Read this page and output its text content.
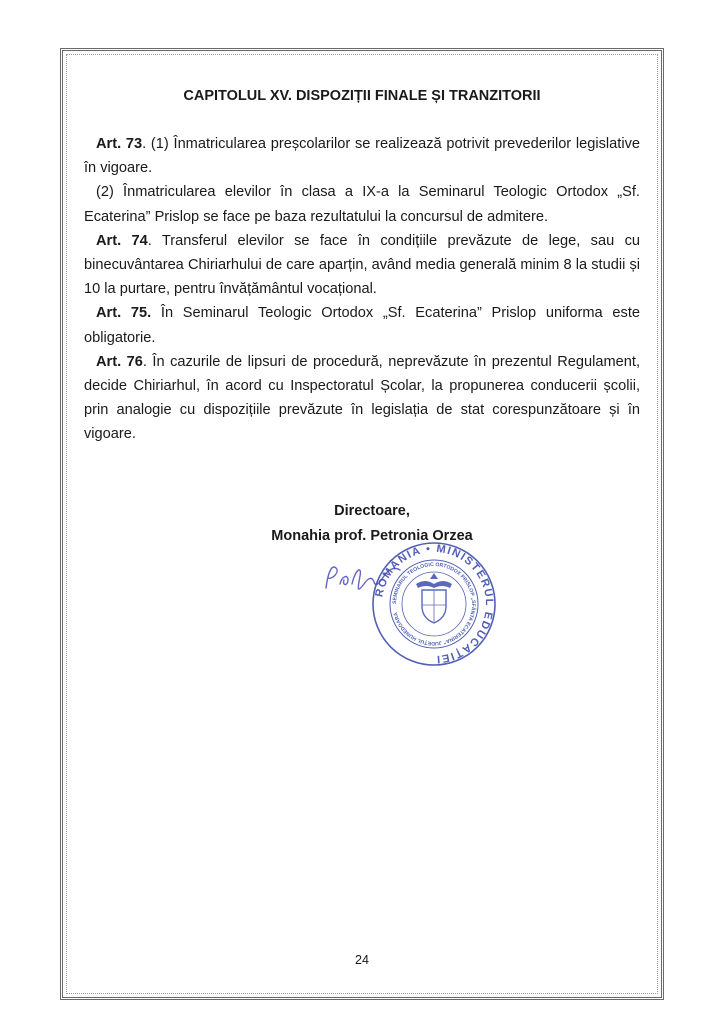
CAPITOLUL XV. DISPOZIȚII FINALE ȘI TRANZITORII

Art. 73. (1) Înmatricularea preșcolarilor se realizează potrivit prevederilor legislative în vigoare.

(2) Înmatricularea elevilor în clasa a IX-a la Seminarul Teologic Ortodox „Sf. Ecaterina” Prislop se face pe baza rezultatului la concursul de admitere.

Art. 74. Transferul elevilor se face în condițiile prevăzute de lege, sau cu binecuvântarea Chiriarhului de care aparțin, având media generală minim 8 la studii și 10 la purtare, pentru învățământul vocațional.

Art. 75. În Seminarul Teologic Ortodox „Sf. Ecaterina” Prislop uniforma este obligatorie.

Art. 76. În cazurile de lipsuri de procedură, neprevăzute în prezentul Regulament, decide Chiriarhul, în acord cu Inspectoratul Școlar, la propunerea conducerii școlii, prin analogie cu dispozițiile prevăzute în legislația de stat corespunzătoare și în vigoare.

Directoare,
Monahia prof. Petronia Orzea
ROMÂNIA • MINISTERUL EDUCAȚIEI
SEMINARUL TEOLOGIC ORTODOX PRISLOP „SFÂNTA ECATERINA” JUDEȚUL HUNEDOARA
24
